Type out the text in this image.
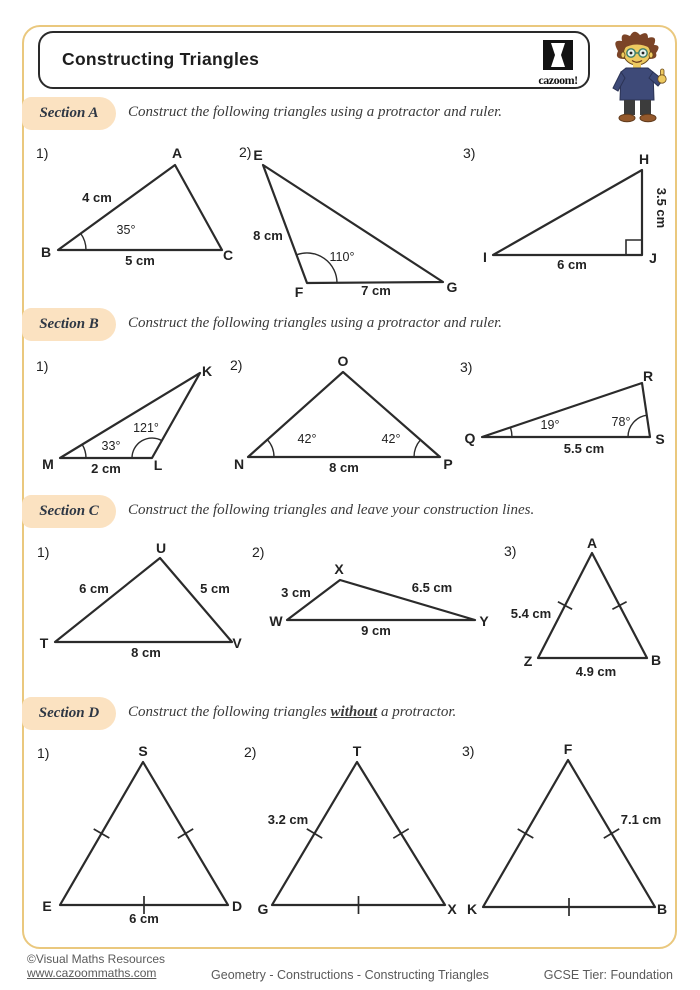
Constructing Triangles
cazoom!
Section A Construct the following triangles using a protractor and ruler.
Section B Construct the following triangles using a protractor and ruler.
Section C Construct the following triangles and leave your construction lines.
Section D Construct the following triangles without a protractor.
1)	A
B	C
4 cm
35°
5 cm
2) E
F	G
8 cm
110°
7 cm
3)	H
I	J
3.5 cm
6 cm
1)	K
M	L
33°
121°
2 cm
2)	O
N	P
42°	42°
8 cm
3)
R
Q	S
19°	78°
5.5 cm
1)	U
T	V
6 cm	5 cm
8 cm
2)
X
W	Y
3 cm	6.5 cm
9 cm
3)	A
Z	B
5.4 cm
4.9 cm
1)	S
E	D
6 cm
2)	T
G	X
3.2 cm
3)	F
K	B
7.1 cm
©Visual Maths Resources
www.cazoommaths.com	Geometry - Constructions - Constructing Triangles	GCSE Tier: Foundation
